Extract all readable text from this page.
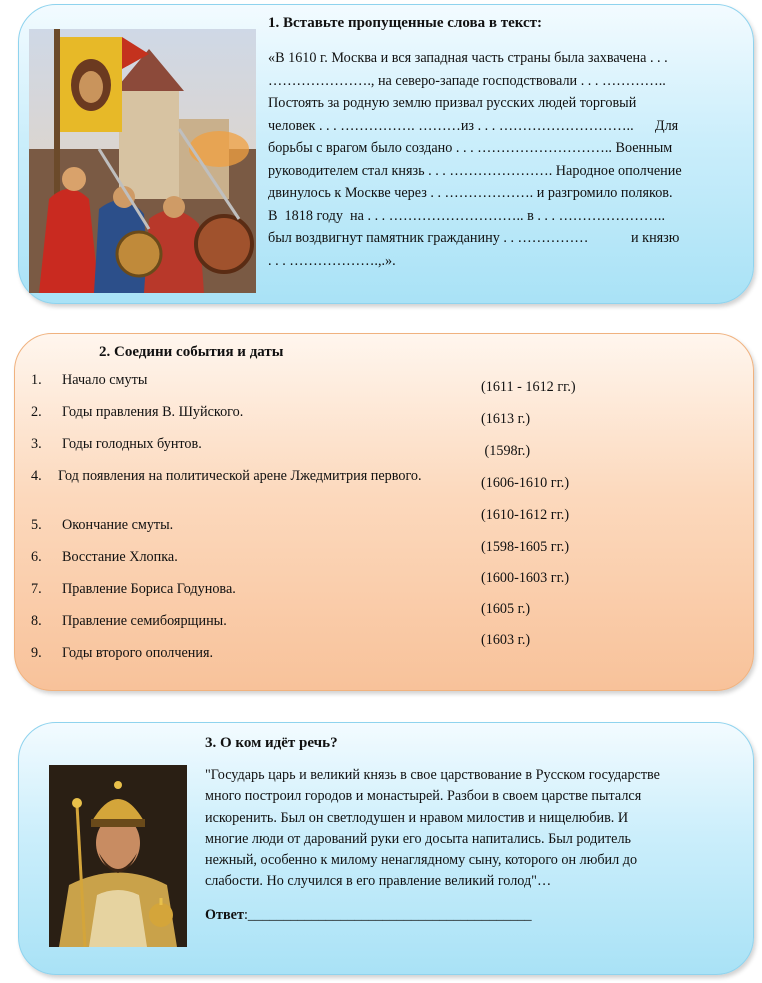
1. Вставьте пропущенные слова в текст:
«В 1610 г. Москва и вся западная часть страны была захвачена . . .
…………………., на северо-западе господствовали . . . …………..
Постоять за родную землю призвал русских людей торговый
человек . . . ……………. ………из . . . ………………………..      Для
борьбы с врагом было создано . . . ……………………….. Военным
руководителем стал князь . . . …………………. Народное ополчение
двинулось к Москве через . . ………………. и разгромило поляков.
В  1818 году  на . . . ……………………….. в . . . …………………..
был воздвигнут памятник гражданину . . ……………            и князю
. . . ……………….,.».
2. Соедини события и даты
1. Начало смуты
2. Годы правления В. Шуйского.
3. Годы голодных бунтов.
4. Год появления на политической арене Лжедмитрия первого.
5. Окончание смуты.
6. Восстание Хлопка.
7. Правление Бориса Годунова.
8. Правление семибоярщины.
9. Годы второго ополчения.
(1611 - 1612 гг.)
(1613 г.)
(1598г.)
(1606-1610 гг.)
(1610-1612 гг.)
(1598-1605 гг.)
(1600-1603 гг.)
(1605 г.)
(1603 г.)
3. О ком идёт речь?
"Государь царь и великий князь в свое царствование в Русском государстве
много построил городов и монастырей. Разбои в своем царстве пытался
искоренить. Был он светлодушен и нравом милостив и нищелюбив. И
многие люди от дарований руки его досыта напитались. Был родитель
нежный, особенно к милому ненаглядному сыну, которого он любил до
слабости. Но случился в его правление великий голод"…
Ответ:________________________________________
